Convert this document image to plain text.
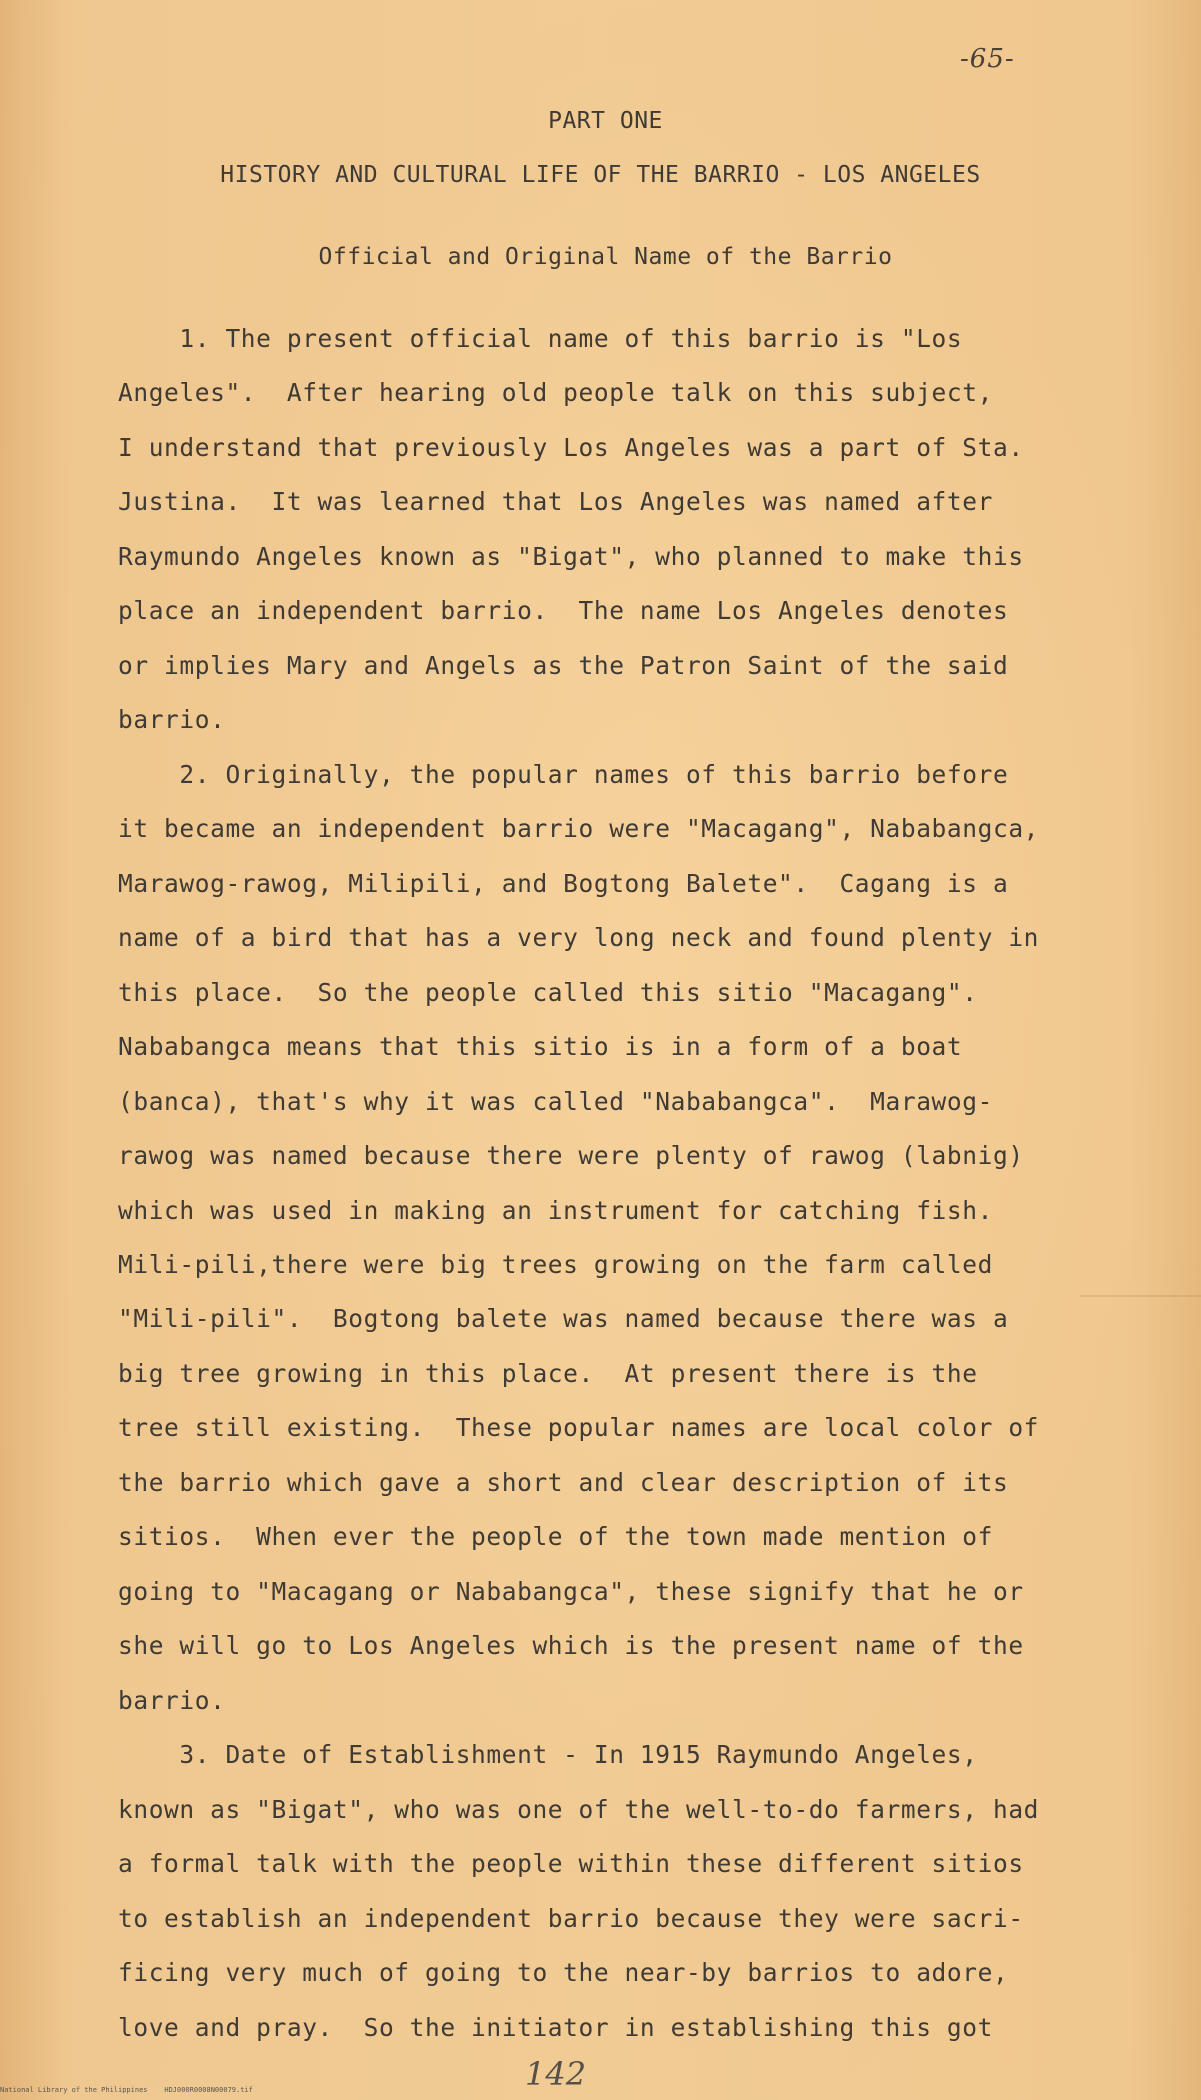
-65-
PART ONE
HISTORY AND CULTURAL LIFE OF THE BARRIO - LOS ANGELES
Official and Original Name of the Barrio
1. The present official name of this barrio is "Los
Angeles".  After hearing old people talk on this subject,
I understand that previously Los Angeles was a part of Sta.
Justina.  It was learned that Los Angeles was named after
Raymundo Angeles known as "Bigat", who planned to make this
place an independent barrio.  The name Los Angeles denotes
or implies Mary and Angels as the Patron Saint of the said
barrio.
2. Originally, the popular names of this barrio before
it became an independent barrio were "Macagang", Nababangca,
Marawog-rawog, Milipili, and Bogtong Balete".  Cagang is a
name of a bird that has a very long neck and found plenty in
this place.  So the people called this sitio "Macagang".
Nababangca means that this sitio is in a form of a boat
(banca), that's why it was called "Nababangca".  Marawog-
rawog was named because there were plenty of rawog (labnig)
which was used in making an instrument for catching fish.
Mili-pili,there were big trees growing on the farm called
"Mili-pili".  Bogtong balete was named because there was a
big tree growing in this place.  At present there is the
tree still existing.  These popular names are local color of
the barrio which gave a short and clear description of its
sitios.  When ever the people of the town made mention of
going to "Macagang or Nababangca", these signify that he or
she will go to Los Angeles which is the present name of the
barrio.
3. Date of Establishment - In 1915 Raymundo Angeles,
known as "Bigat", who was one of the well-to-do farmers, had
a formal talk with the people within these different sitios
to establish an independent barrio because they were sacri-
ficing very much of going to the near-by barrios to adore,
love and pray.  So the initiator in establishing this got
142
National Library of the Philippines    HDJ000R0008N00079.tif
